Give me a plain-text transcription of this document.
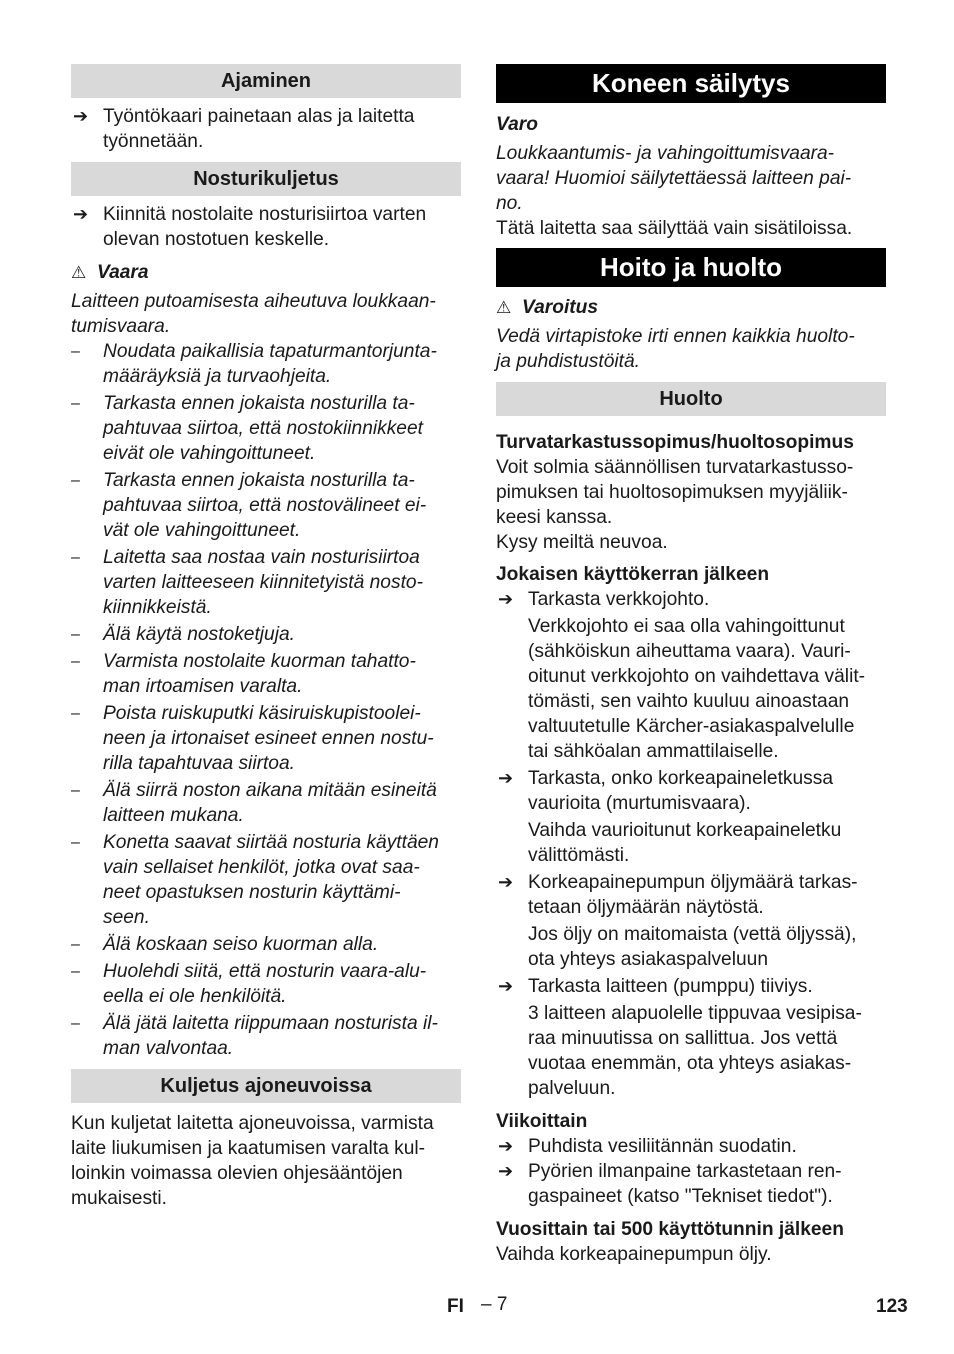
Ajaminen
➔ Työntökaari painetaan alas ja laitetta
työnnetään.
Nosturikuljetus
➔ Kiinnitä nostolaite nosturisiirtoa varten
olevan nostotuen keskelle.
⚠ Vaara
Laitteen putoamisesta aiheutuva loukkaan-
tumisvaara.
– Noudata paikallisia tapaturmantorjunta-
määräyksiä ja turvaohjeita.
– Tarkasta ennen jokaista nosturilla ta-
pahtuvaa siirtoa, että nostokiinnikkeet
eivät ole vahingoittuneet.
– Tarkasta ennen jokaista nosturilla ta-
pahtuvaa siirtoa, että nostovälineet ei-
vät ole vahingoittuneet.
– Laitetta saa nostaa vain nosturisiirtoa
varten laitteeseen kiinnitetyistä nosto-
kiinnikkeistä.
– Älä käytä nostoketjuja.
– Varmista nostolaite kuorman tahatto-
man irtoamisen varalta.
– Poista ruiskuputki käsiruiskupistoolei-
neen ja irtonaiset esineet ennen nostu-
rilla tapahtuvaa siirtoa.
– Älä siirrä noston aikana mitään esineitä
laitteen mukana.
– Konetta saavat siirtää nosturia käyttäen
vain sellaiset henkilöt, jotka ovat saa-
neet opastuksen nosturin käyttämi-
seen.
– Älä koskaan seiso kuorman alla.
– Huolehdi siitä, että nosturin vaara-alu-
eella ei ole henkilöitä.
– Älä jätä laitetta riippumaan nosturista il-
man valvontaa.
Kuljetus ajoneuvoissa
Kun kuljetat laitetta ajoneuvoissa, varmista
laite liukumisen ja kaatumisen varalta kul-
loinkin voimassa olevien ohjesääntöjen
mukaisesti.
Koneen säilytys
Varo
Loukkaantumis- ja vahingoittumisvaara-
vaara! Huomioi säilytettäessä laitteen pai-
no.
Tätä laitetta saa säilyttää vain sisätiloissa.
Hoito ja huolto
⚠ Varoitus
Vedä virtapistoke irti ennen kaikkia huolto-
ja puhdistustöitä.
Huolto
Turvatarkastussopimus/huoltosopimus
Voit solmia säännöllisen turvatarkastusso-
pimuksen tai huoltosopimuksen myyjäliik-
keesi kanssa.
Kysy meiltä neuvoa.
Jokaisen käyttökerran jälkeen
➔ Tarkasta verkkojohto.
Verkkojohto ei saa olla vahingoittunut
(sähköiskun aiheuttama vaara). Vauri-
oitunut verkkojohto on vaihdettava välit-
tömästi, sen vaihto kuuluu ainoastaan
valtuutetulle Kärcher-asiakaspalvelulle
tai sähköalan ammattilaiselle.
➔ Tarkasta, onko korkeapaineletkussa
vaurioita (murtumisvaara).
Vaihda vaurioitunut korkeapaineletku
välittömästi.
➔ Korkeapainepumpun öljymäärä tarkas-
tetaan öljymäärän näytöstä.
Jos öljy on maitomaista (vettä öljyssä),
ota yhteys asiakaspalveluun
➔ Tarkasta laitteen (pumppu) tiiviys.
3 laitteen alapuolelle tippuvaa vesipisa-
raa minuutissa on sallittua. Jos vettä
vuotaa enemmän, ota yhteys asiakas-
palveluun.
Viikoittain
➔ Puhdista vesiliitännän suodatin.
➔ Pyörien ilmanpaine tarkastetaan ren-
gaspaineet (katso "Tekniset tiedot").
Vuosittain tai 500 käyttötunnin jälkeen
Vaihda korkeapainepumpun öljy.
FI – 7	123
